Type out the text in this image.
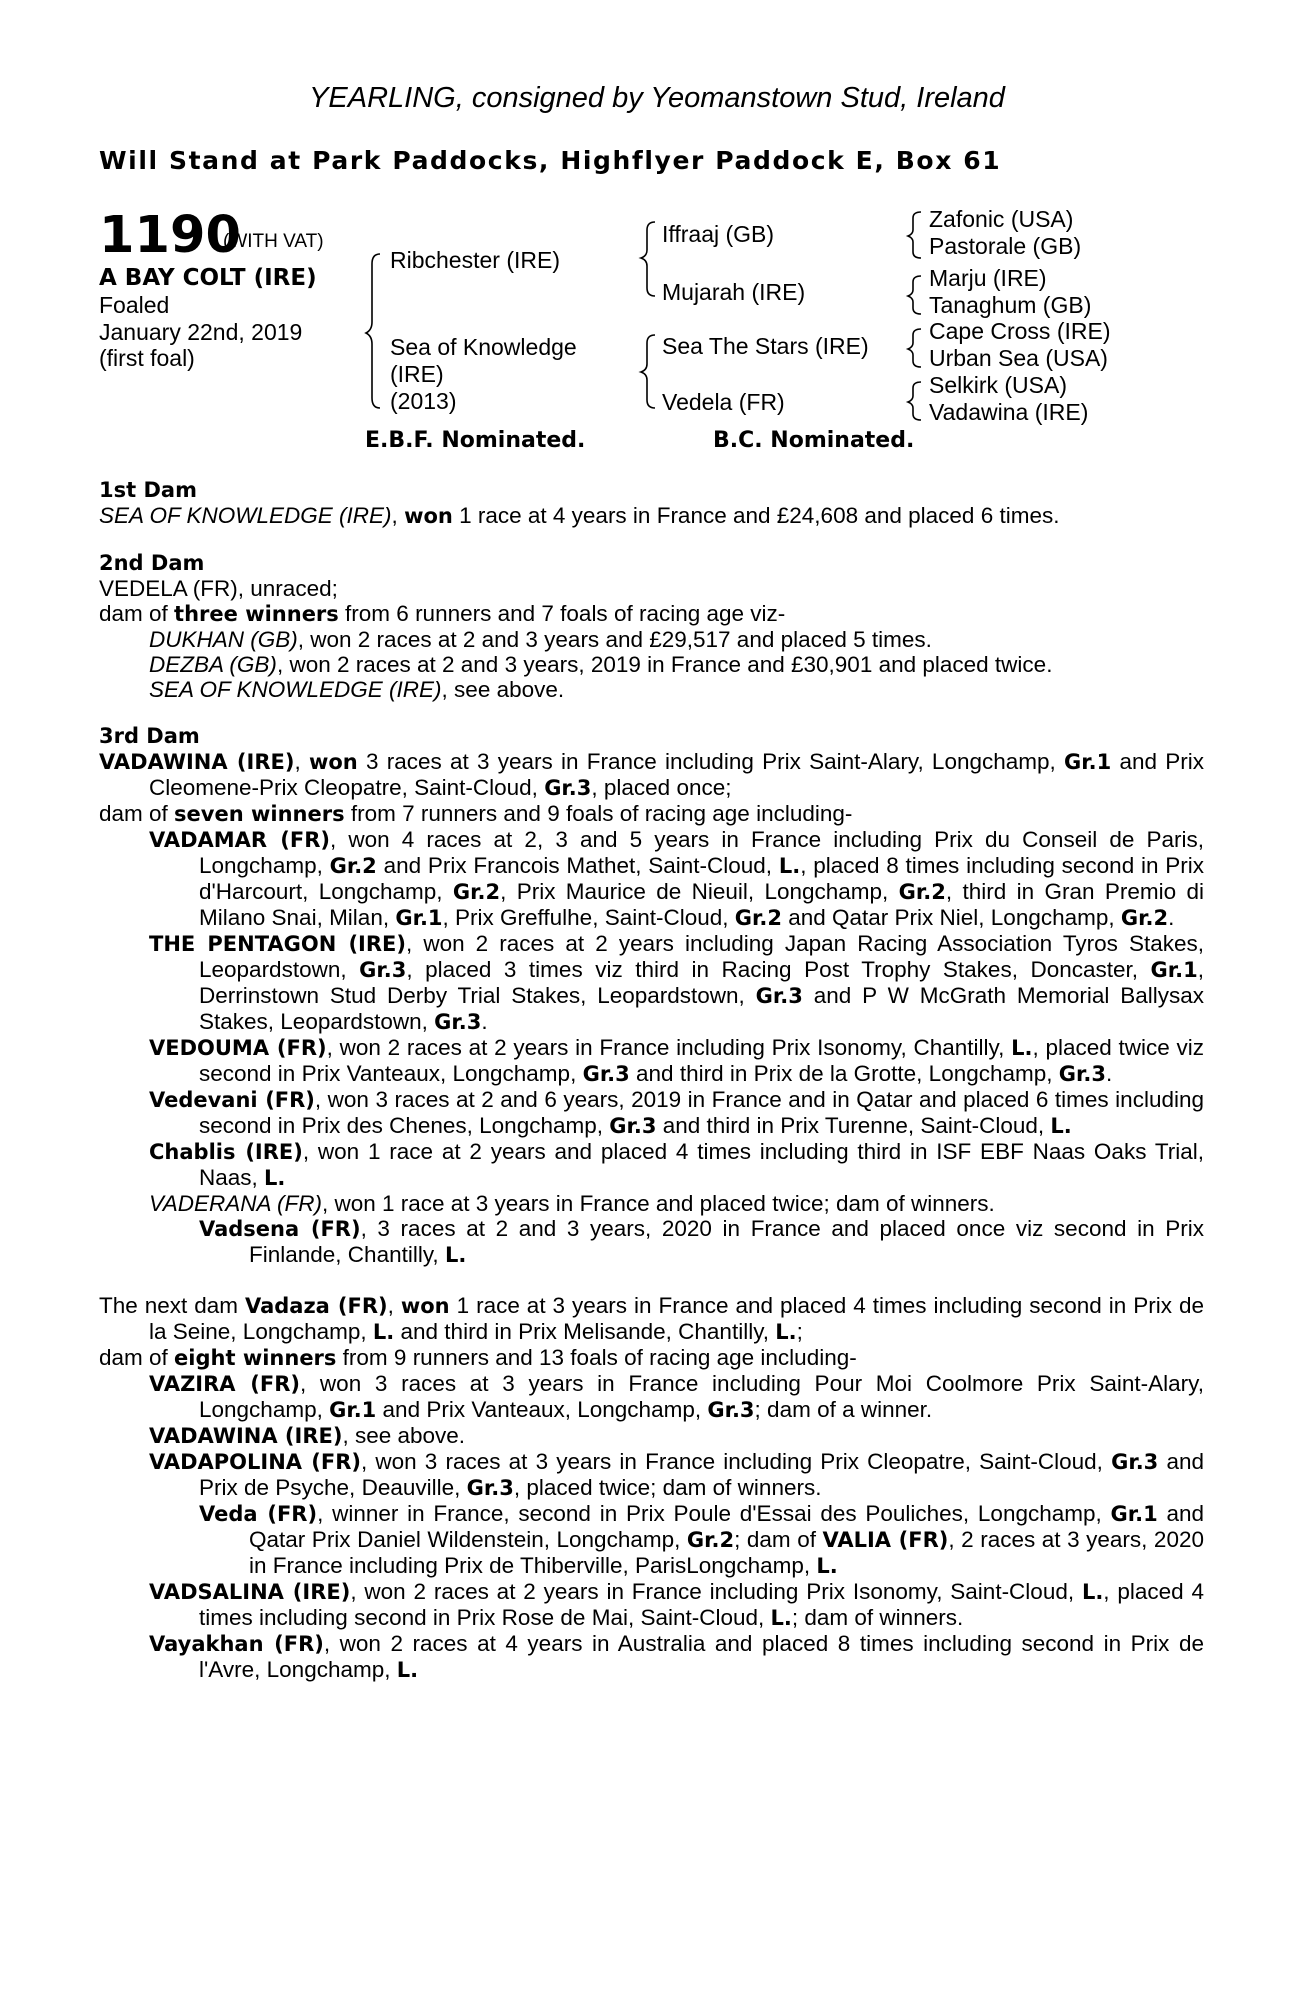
YEARLING, consigned by Yeomanstown Stud, Ireland
Will Stand at Park Paddocks, Highflyer Paddock E, Box 61
1190
(WITH VAT)
A BAY COLT (IRE)
Foaled
January 22nd, 2019
(first foal)
Ribchester (IRE)
Sea of Knowledge
(IRE)
(2013)
Iffraaj (GB)
Mujarah (IRE)
Sea The Stars (IRE)
Vedela (FR)
Zafonic (USA)
Pastorale (GB)
Marju (IRE)
Tanaghum (GB)
Cape Cross (IRE)
Urban Sea (USA)
Selkirk (USA)
Vadawina (IRE)
E.B.F. Nominated.	B.C. Nominated.
1st Dam
SEA OF KNOWLEDGE (IRE), won 1 race at 4 years in France and £24,608 and placed 6 times.
2nd Dam
VEDELA (FR), unraced;
dam of three winners from 6 runners and 7 foals of racing age viz-
DUKHAN (GB), won 2 races at 2 and 3 years and £29,517 and placed 5 times.
DEZBA (GB), won 2 races at 2 and 3 years, 2019 in France and £30,901 and placed twice.
SEA OF KNOWLEDGE (IRE), see above.
3rd Dam
VADAWINA (IRE), won 3 races at 3 years in France including Prix Saint-Alary, Longchamp, Gr.1 and Prix Cleomene-Prix Cleopatre, Saint-Cloud, Gr.3, placed once;
dam of seven winners from 7 runners and 9 foals of racing age including-
VADAMAR (FR), won 4 races at 2, 3 and 5 years in France including Prix du Conseil de Paris, Longchamp, Gr.2 and Prix Francois Mathet, Saint-Cloud, L., placed 8 times including second in Prix d'Harcourt, Longchamp, Gr.2, Prix Maurice de Nieuil, Longchamp, Gr.2, third in Gran Premio di Milano Snai, Milan, Gr.1, Prix Greffulhe, Saint-Cloud, Gr.2 and Qatar Prix Niel, Longchamp, Gr.2.
THE PENTAGON (IRE), won 2 races at 2 years including Japan Racing Association Tyros Stakes, Leopardstown, Gr.3, placed 3 times viz third in Racing Post Trophy Stakes, Doncaster, Gr.1, Derrinstown Stud Derby Trial Stakes, Leopardstown, Gr.3 and P W McGrath Memorial Ballysax Stakes, Leopardstown, Gr.3.
VEDOUMA (FR), won 2 races at 2 years in France including Prix Isonomy, Chantilly, L., placed twice viz second in Prix Vanteaux, Longchamp, Gr.3 and third in Prix de la Grotte, Longchamp, Gr.3.
Vedevani (FR), won 3 races at 2 and 6 years, 2019 in France and in Qatar and placed 6 times including second in Prix des Chenes, Longchamp, Gr.3 and third in Prix Turenne, Saint-Cloud, L.
Chablis (IRE), won 1 race at 2 years and placed 4 times including third in ISF EBF Naas Oaks Trial, Naas, L.
VADERANA (FR), won 1 race at 3 years in France and placed twice; dam of winners.
Vadsena (FR), 3 races at 2 and 3 years, 2020 in France and placed once viz second in Prix Finlande, Chantilly, L.
The next dam Vadaza (FR), won 1 race at 3 years in France and placed 4 times including second in Prix de la Seine, Longchamp, L. and third in Prix Melisande, Chantilly, L.;
dam of eight winners from 9 runners and 13 foals of racing age including-
VAZIRA (FR), won 3 races at 3 years in France including Pour Moi Coolmore Prix Saint-Alary, Longchamp, Gr.1 and Prix Vanteaux, Longchamp, Gr.3; dam of a winner.
VADAWINA (IRE), see above.
VADAPOLINA (FR), won 3 races at 3 years in France including Prix Cleopatre, Saint-Cloud, Gr.3 and Prix de Psyche, Deauville, Gr.3, placed twice; dam of winners.
Veda (FR), winner in France, second in Prix Poule d'Essai des Pouliches, Longchamp, Gr.1 and Qatar Prix Daniel Wildenstein, Longchamp, Gr.2; dam of VALIA (FR), 2 races at 3 years, 2020 in France including Prix de Thiberville, ParisLongchamp, L.
VADSALINA (IRE), won 2 races at 2 years in France including Prix Isonomy, Saint-Cloud, L., placed 4 times including second in Prix Rose de Mai, Saint-Cloud, L.; dam of winners.
Vayakhan (FR), won 2 races at 4 years in Australia and placed 8 times including second in Prix de l'Avre, Longchamp, L.
